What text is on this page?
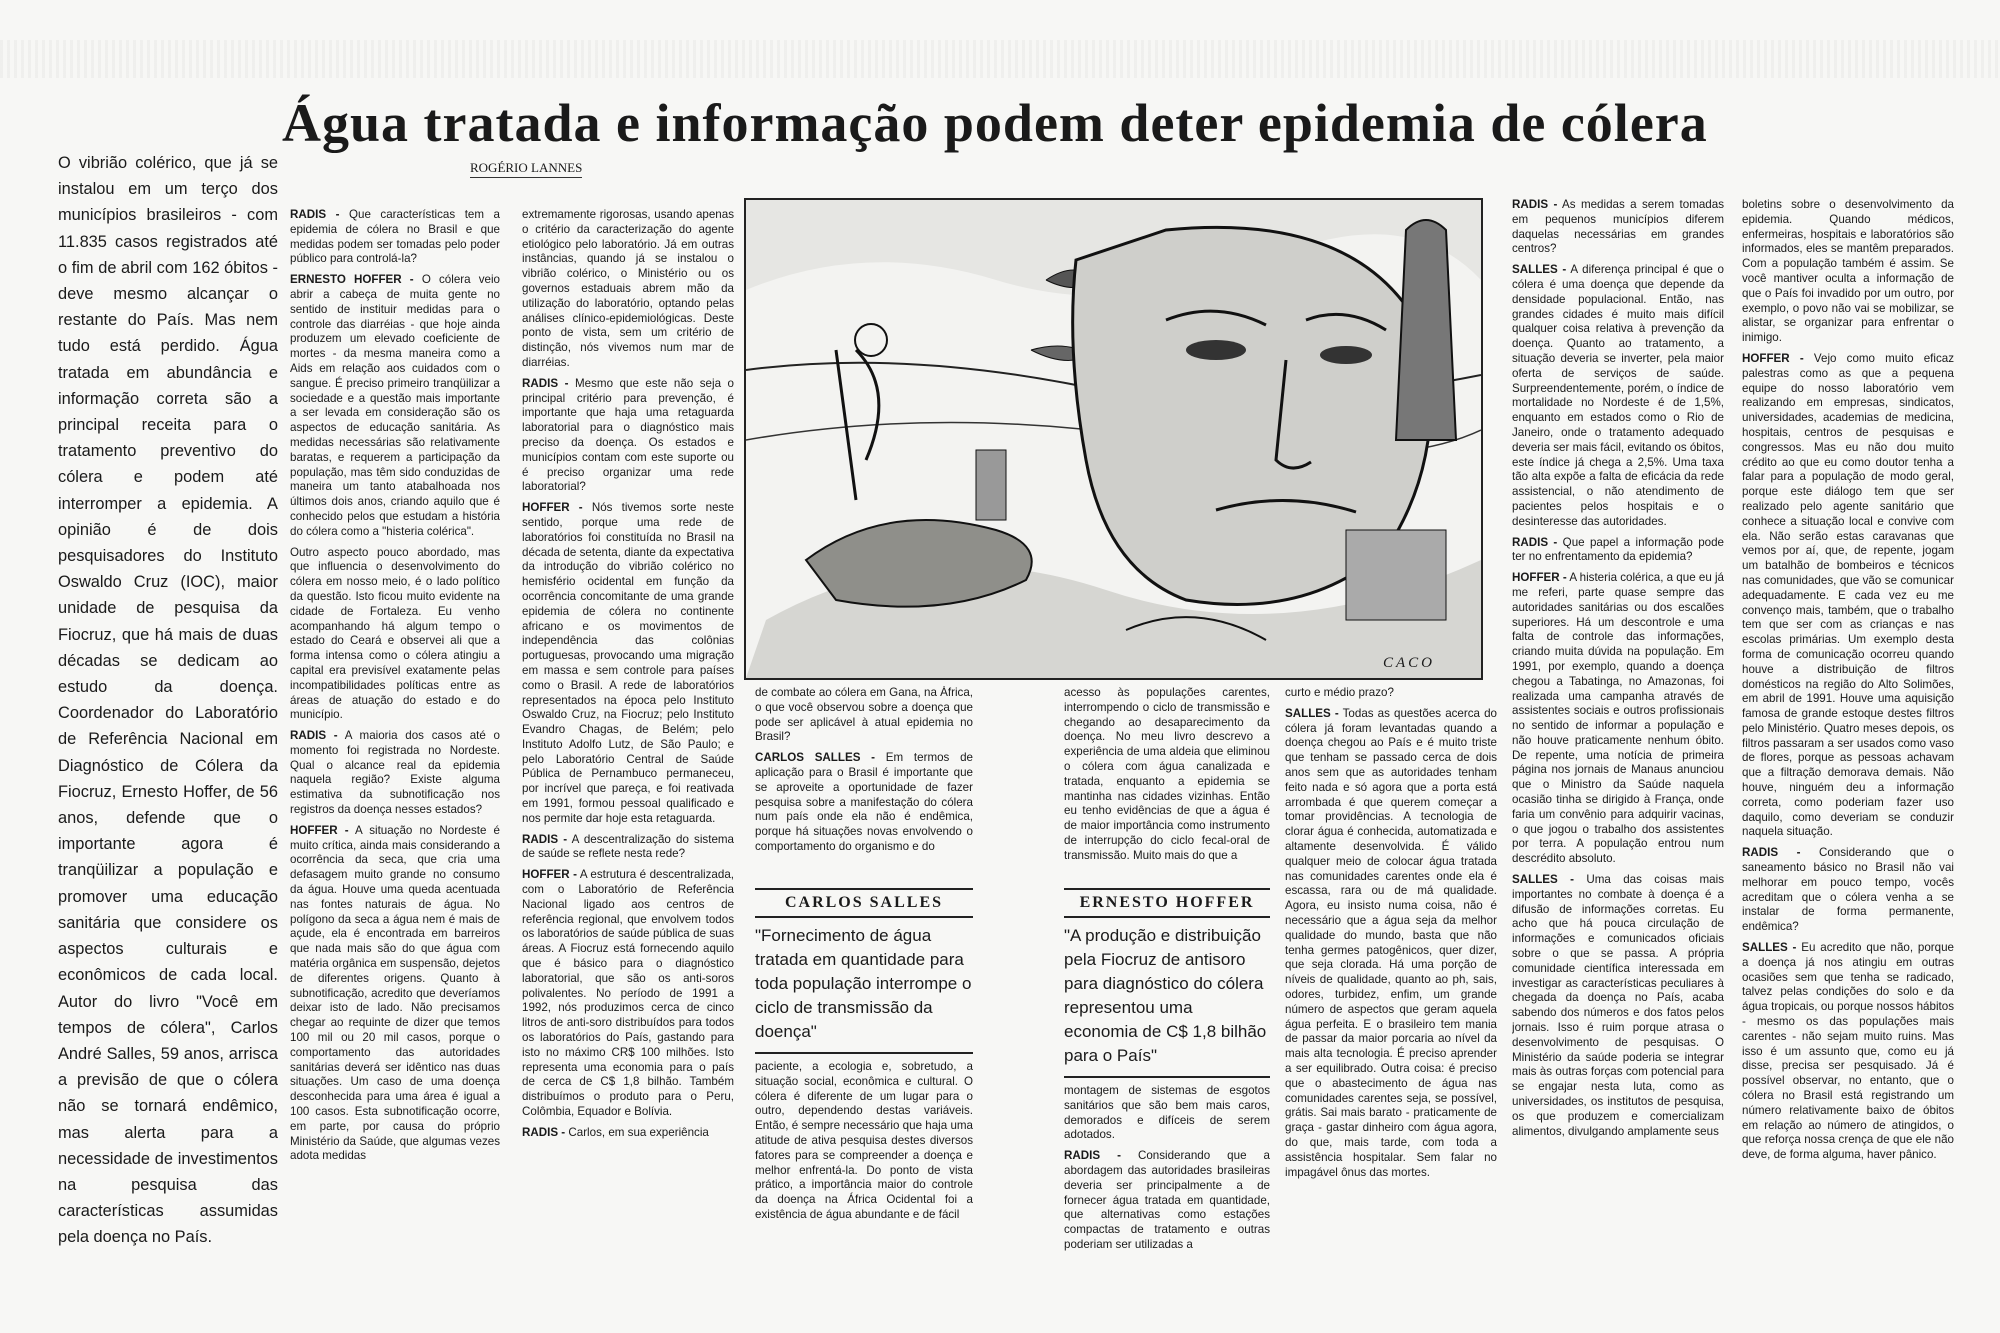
Água tratada e informação podem deter epidemia de cólera
ROGÉRIO LANNES
O vibrião colérico, que já se instalou em um terço dos municípios brasileiros - com 11.835 casos registrados até o fim de abril com 162 óbitos - deve mesmo alcançar o restante do País. Mas nem tudo está perdido. Água tratada em abundância e informação correta são a principal receita para o tratamento preventivo do cólera e podem até interromper a epidemia. A opinião é de dois pesquisadores do Instituto Oswaldo Cruz (IOC), maior unidade de pesquisa da Fiocruz, que há mais de duas décadas se dedicam ao estudo da doença. Coordenador do Laboratório de Referência Nacional em Diagnóstico de Cólera da Fiocruz, Ernesto Hoffer, de 56 anos, defende que o importante agora é tranqüilizar a população e promover uma educação sanitária que considere os aspectos culturais e econômicos de cada local. Autor do livro "Você em tempos de cólera", Carlos André Salles, 59 anos, arrisca a previsão de que o cólera não se tornará endêmico, mas alerta para a necessidade de investimentos na pesquisa das características assumidas pela doença no País.

RADIS - Que características tem a epidemia de cólera no Brasil e que medidas podem ser tomadas pelo poder público para controlá-la?

ERNESTO HOFFER - O cólera veio abrir a cabeça de muita gente no sentido de instituir medidas para o controle das diarréias - que hoje ainda produzem um elevado coeficiente de mortes - da mesma maneira como a Aids em relação aos cuidados com o sangue. É preciso primeiro tranqüilizar a sociedade e a questão mais importante a ser levada em consideração são os aspectos de educação sanitária. As medidas necessárias são relativamente baratas, e requerem a participação da população, mas têm sido conduzidas de maneira um tanto atabalhoada nos últimos dois anos, criando aquilo que é conhecido pelos que estudam a história do cólera como a "histeria colérica".

Outro aspecto pouco abordado, mas que influencia o desenvolvimento do cólera em nosso meio, é o lado político da questão. Isto ficou muito evidente na cidade de Fortaleza. Eu venho acompanhando há algum tempo o estado do Ceará e observei ali que a forma intensa como o cólera atingiu a capital era previsível exatamente pelas incompatibilidades políticas entre as áreas de atuação do estado e do município.

RADIS - A maioria dos casos até o momento foi registrada no Nordeste. Qual o alcance real da epidemia naquela região? Existe alguma estimativa da subnotificação nos registros da doença nesses estados?

HOFFER - A situação no Nordeste é muito crítica, ainda mais considerando a ocorrência da seca, que cria uma defasagem muito grande no consumo da água. Houve uma queda acentuada nas fontes naturais de água. No polígono da seca a água nem é mais de açude, ela é encontrada em barreiros que nada mais são do que água com matéria orgânica em suspensão, dejetos de diferentes origens. Quanto à subnotificação, acredito que deveríamos deixar isto de lado. Não precisamos chegar ao requinte de dizer que temos 100 mil ou 20 mil casos, porque o comportamento das autoridades sanitárias deverá ser idêntico nas duas situações. Um caso de uma doença desconhecida para uma área é igual a 100 casos. Esta subnotificação ocorre, em parte, por causa do próprio Ministério da Saúde, que algumas vezes adota medidas

extremamente rigorosas, usando apenas o critério da caracterização do agente etiológico pelo laboratório. Já em outras instâncias, quando já se instalou o vibrião colérico, o Ministério ou os governos estaduais abrem mão da utilização do laboratório, optando pelas análises clínico-epidemiológicas. Deste ponto de vista, sem um critério de distinção, nós vivemos num mar de diarréias.

RADIS - Mesmo que este não seja o principal critério para prevenção, é importante que haja uma retaguarda laboratorial para o diagnóstico mais preciso da doença. Os estados e municípios contam com este suporte ou é preciso organizar uma rede laboratorial?

HOFFER - Nós tivemos sorte neste sentido, porque uma rede de laboratórios foi constituída no Brasil na década de setenta, diante da expectativa da introdução do vibrião colérico no hemisfério ocidental em função da ocorrência concomitante de uma grande epidemia de cólera no continente africano e os movimentos de independência das colônias portuguesas, provocando uma migração em massa e sem controle para países como o Brasil. A rede de laboratórios representados na época pelo Instituto Oswaldo Cruz, na Fiocruz; pelo Instituto Evandro Chagas, de Belém; pelo Instituto Adolfo Lutz, de São Paulo; e pelo Laboratório Central de Saúde Pública de Pernambuco permaneceu, por incrível que pareça, e foi reativada em 1991, formou pessoal qualificado e nos permite dar hoje esta retaguarda.

RADIS - A descentralização do sistema de saúde se reflete nesta rede?

HOFFER - A estrutura é descentralizada, com o Laboratório de Referência Nacional ligado aos centros de referência regional, que envolvem todos os laboratórios de saúde pública de suas áreas. A Fiocruz está fornecendo aquilo que é básico para o diagnóstico laboratorial, que são os anti-soros polivalentes. No período de 1991 a 1992, nós produzimos cerca de cinco litros de anti-soro distribuídos para todos os laboratórios do País, gastando para isto no máximo CR$ 100 milhões. Isto representa uma economia para o país de cerca de C$ 1,8 bilhão. Também distribuímos o produto para o Peru, Colômbia, Equador e Bolívia.

RADIS - Carlos, em sua experiência

CACO

de combate ao cólera em Gana, na África, o que você observou sobre a doença que pode ser aplicável à atual epidemia no Brasil?

CARLOS SALLES - Em termos de aplicação para o Brasil é importante que se aproveite a oportunidade de fazer pesquisa sobre a manifestação do cólera num país onde ela não é endêmica, porque há situações novas envolvendo o comportamento do organismo e do

CARLOS SALLES
"Fornecimento de água tratada em quantidade para toda população interrompe o ciclo de transmissão da doença"

paciente, a ecologia e, sobretudo, a situação social, econômica e cultural. O cólera é diferente de um lugar para o outro, dependendo destas variáveis. Então, é sempre necessário que haja uma atitude de ativa pesquisa destes diversos fatores para se compreender a doença e melhor enfrentá-la. Do ponto de vista prático, a importância maior do controle da doença na África Ocidental foi a existência de água abundante e de fácil

acesso às populações carentes, interrompendo o ciclo de transmissão e chegando ao desaparecimento da doença. No meu livro descrevo a experiência de uma aldeia que eliminou o cólera com água canalizada e tratada, enquanto a epidemia se mantinha nas cidades vizinhas. Então eu tenho evidências de que a água é de maior importância como instrumento de interrupção do ciclo fecal-oral de transmissão. Muito mais do que a

ERNESTO HOFFER
"A produção e distribuição pela Fiocruz de antisoro para diagnóstico do cólera representou uma economia de C$ 1,8 bilhão para o País"

montagem de sistemas de esgotos sanitários que são bem mais caros, demorados e difíceis de serem adotados.

RADIS - Considerando que a abordagem das autoridades brasileiras deveria ser principalmente a de fornecer água tratada em quantidade, que alternativas como estações compactas de tratamento e outras poderiam ser utilizadas a

curto e médio prazo?

SALLES - Todas as questões acerca do cólera já foram levantadas quando a doença chegou ao País e é muito triste que tenham se passado cerca de dois anos sem que as autoridades tenham feito nada e só agora que a porta está arrombada é que querem começar a tomar providências. A tecnologia de clorar água é conhecida, automatizada e altamente desenvolvida. É válido qualquer meio de colocar água tratada nas comunidades carentes onde ela é escassa, rara ou de má qualidade. Agora, eu insisto numa coisa, não é necessário que a água seja da melhor qualidade do mundo, basta que não tenha germes patogênicos, quer dizer, que seja clorada. Há uma porção de níveis de qualidade, quanto ao ph, sais, odores, turbidez, enfim, um grande número de aspectos que geram aquela água perfeita. E o brasileiro tem mania de passar da maior porcaria ao nível da mais alta tecnologia. É preciso aprender a ser equilibrado. Outra coisa: é preciso que o abastecimento de água nas comunidades carentes seja, se possível, grátis. Sai mais barato - praticamente de graça - gastar dinheiro com água agora, do que, mais tarde, com toda a assistência hospitalar. Sem falar no impagável ônus das mortes.

RADIS - As medidas a serem tomadas em pequenos municípios diferem daquelas necessárias em grandes centros?

SALLES - A diferença principal é que o cólera é uma doença que depende da densidade populacional. Então, nas grandes cidades é muito mais difícil qualquer coisa relativa à prevenção da doença. Quanto ao tratamento, a situação deveria se inverter, pela maior oferta de serviços de saúde. Surpreendentemente, porém, o índice de mortalidade no Nordeste é de 1,5%, enquanto em estados como o Rio de Janeiro, onde o tratamento adequado deveria ser mais fácil, evitando os óbitos, este índice já chega a 2,5%. Uma taxa tão alta expõe a falta de eficácia da rede assistencial, o não atendimento de pacientes pelos hospitais e o desinteresse das autoridades.

RADIS - Que papel a informação pode ter no enfrentamento da epidemia?

HOFFER - A histeria colérica, a que eu já me referi, parte quase sempre das autoridades sanitárias ou dos escalões superiores. Há um descontrole e uma falta de controle das informações, criando muita dúvida na população. Em 1991, por exemplo, quando a doença chegou a Tabatinga, no Amazonas, foi realizada uma campanha através de assistentes sociais e outros profissionais no sentido de informar a população e não houve praticamente nenhum óbito. De repente, uma notícia de primeira página nos jornais de Manaus anunciou que o Ministro da Saúde naquela ocasião tinha se dirigido à França, onde faria um convênio para adquirir vacinas, o que jogou o trabalho dos assistentes por terra. A população entrou num descrédito absoluto.

SALLES - Uma das coisas mais importantes no combate à doença é a difusão de informações corretas. Eu acho que há pouca circulação de informações e comunicados oficiais sobre o que se passa. A própria comunidade científica interessada em investigar as características peculiares à chegada da doença no País, acaba sabendo dos números e dos fatos pelos jornais. Isso é ruim porque atrasa o desenvolvimento de pesquisas. O Ministério da saúde poderia se integrar mais às outras forças com potencial para se engajar nesta luta, como as universidades, os institutos de pesquisa, os que produzem e comercializam alimentos, divulgando amplamente seus

boletins sobre o desenvolvimento da epidemia. Quando médicos, enfermeiras, hospitais e laboratórios são informados, eles se mantêm preparados. Com a população também é assim. Se você mantiver oculta a informação de que o País foi invadido por um outro, por exemplo, o povo não vai se mobilizar, se alistar, se organizar para enfrentar o inimigo.

HOFFER - Vejo como muito eficaz palestras como as que a pequena equipe do nosso laboratório vem realizando em empresas, sindicatos, universidades, academias de medicina, hospitais, centros de pesquisas e congressos. Mas eu não dou muito crédito ao que eu como doutor tenha a falar para a população de modo geral, porque este diálogo tem que ser realizado pelo agente sanitário que conhece a situação local e convive com ela. Não serão estas caravanas que vemos por aí, que, de repente, jogam um batalhão de bombeiros e técnicos nas comunidades, que vão se comunicar adequadamente. E cada vez eu me convenço mais, também, que o trabalho tem que ser com as crianças e nas escolas primárias. Um exemplo desta forma de comunicação ocorreu quando houve a distribuição de filtros domésticos na região do Alto Solimões, em abril de 1991. Houve uma aquisição famosa de grande estoque destes filtros pelo Ministério. Quatro meses depois, os filtros passaram a ser usados como vaso de flores, porque as pessoas achavam que a filtração demorava demais. Não houve, ninguém deu a informação correta, como poderiam fazer uso daquilo, como deveriam se conduzir naquela situação.

RADIS - Considerando que o saneamento básico no Brasil não vai melhorar em pouco tempo, vocês acreditam que o cólera venha a se instalar de forma permanente, endêmica?

SALLES - Eu acredito que não, porque a doença já nos atingiu em outras ocasiões sem que tenha se radicado, talvez pelas condições do solo e da água tropicais, ou porque nossos hábitos - mesmo os das populações mais carentes - não sejam muito ruins. Mas isso é um assunto que, como eu já disse, precisa ser pesquisado. Já é possível observar, no entanto, que o cólera no Brasil está registrando um número relativamente baixo de óbitos em relação ao número de atingidos, o que reforça nossa crença de que ele não deve, de forma alguma, haver pânico.
